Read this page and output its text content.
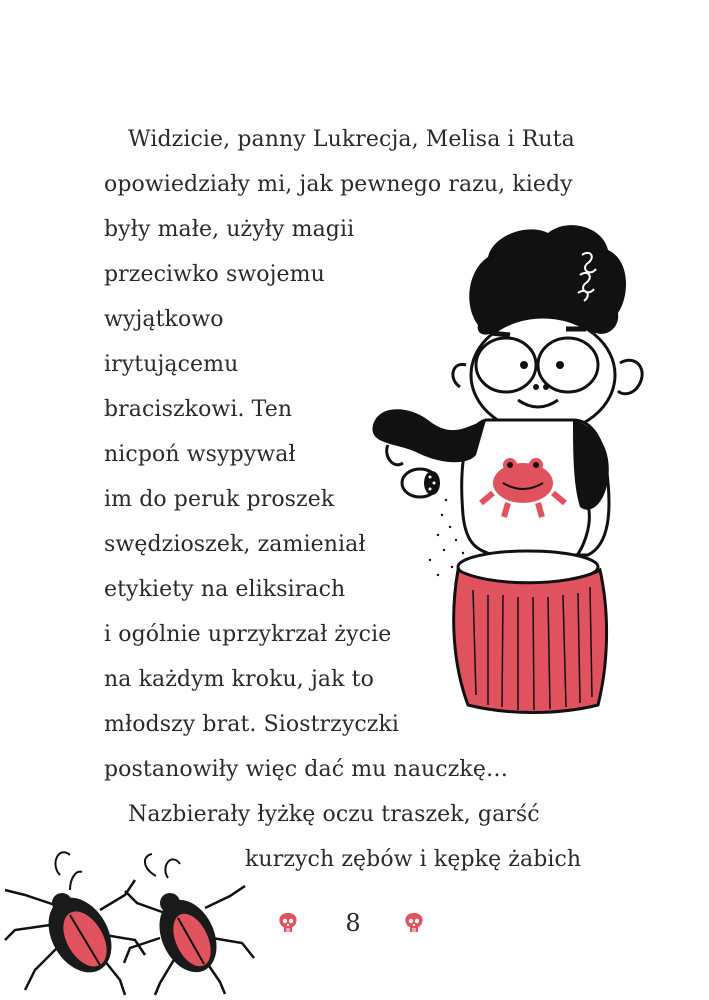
Widzicie, panny Lukrecja, Melisa i Ruta
opowiedziały mi, jak pewnego razu, kiedy
były małe, użyły magii
przeciwko swojemu
wyjątkowo
irytującemu
braciszkowi. Ten
nicpoń wsypywał
im do peruk proszek
swędzioszek, zamieniał
etykiety na eliksirach
i ogólnie uprzykrzał życie
na każdym kroku, jak to
młodszy brat. Siostrzyczki
postanowiły więc dać mu nauczkę…
Nazbierały łyżkę oczu traszek, garść
kurzych zębów i kępkę żabich
8
